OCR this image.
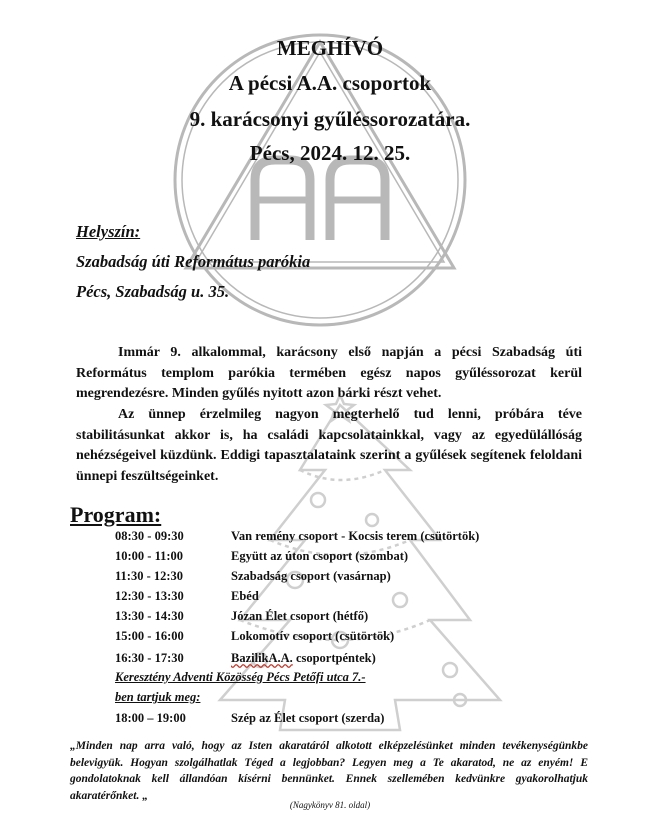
MEGHÍVÓ
A pécsi A.A. csoportok
9. karácsonyi gyűléssorozatára.
Pécs, 2024. 12. 25.
Helyszín:
Szabadság úti Református parókia
Pécs, Szabadság u. 35.
Immár 9. alkalommal, karácsony első napján a pécsi Szabadság úti Református templom parókia termében egész napos gyűléssorozat kerül megrendezésre. Minden gyűlés nyitott azon bárki részt vehet.
Az ünnep érzelmileg nagyon megterhelő tud lenni, próbára téve stabilitásunkat akkor is, ha családi kapcsolatainkkal, vagy az egyedülállóság nehézségeivel küzdünk. Eddigi tapasztalataink szerint a gyűlések segítenek feloldani ünnepi feszültségeinket.
Program:
08:30 - 09:30	Van remény csoport - Kocsis terem (csütörtök)
10:00 - 11:00	Együtt az úton csoport (szombat)
11:30 - 12:30	Szabadság csoport (vasárnap)
12:30 - 13:30	Ebéd
13:30 - 14:30	Józan Élet csoport (hétfő)
15:00 - 16:00	Lokomotív csoport (csütörtök)
16:30 - 17:30	BazilikA.A. csoportpéntek)
Keresztény Adventi Közösség Pécs Petőfi utca 7.-
ben tartjuk meg:
18:00 – 19:00	Szép az Élet csoport (szerda)
„Minden nap arra való, hogy az Isten akaratáról alkotott elképzelésünket minden tevékenységünkbe belevigyük. Hogyan szolgálhatlak Téged a legjobban? Legyen meg a Te akaratod, ne az enyém! E gondolatoknak kell állandóan kísérni bennünket. Ennek szellemében kedvünkre gyakorolhatjuk akaratérőnket. „
(Nagykönyv 81. oldal)
